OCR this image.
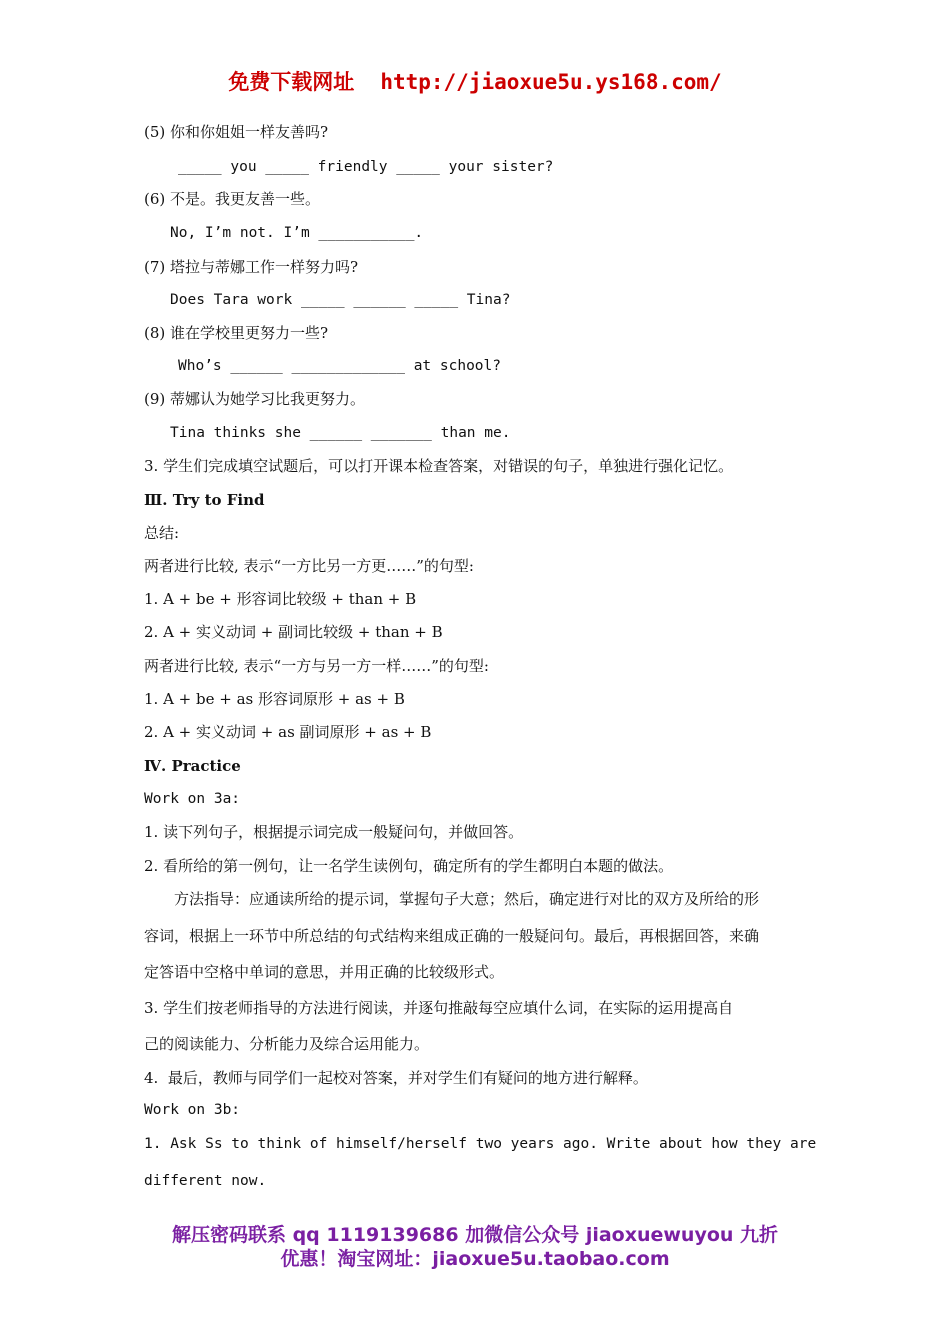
免费下载网址 http://jiaoxue5u.ys168.com/
(5) 你和你姐姐一样友善吗?
_____ you _____ friendly _____ your sister?
(6) 不是。我更友善一些。
No, I’m not. I’m ___________.
(7) 塔拉与蒂娜工作一样努力吗?
Does Tara work _____ ______ _____ Tina?
(8) 谁在学校里更努力一些?
Who’s ______ _____________ at school?
(9) 蒂娜认为她学习比我更努力。
Tina thinks she ______ _______ than me.
3. 学生们完成填空试题后，可以打开课本检查答案，对错误的句子，单独进行强化记忆。
Ⅲ. Try to Find
总结:
两者进行比较, 表示“一方比另一方更……”的句型:
1. A + be + 形容词比较级 + than + B
2. A + 实义动词 + 副词比较级 + than + B
两者进行比较, 表示“一方与另一方一样……”的句型:
1. A + be + as 形容词原形 + as + B
2. A + 实义动词 + as 副词原形 + as + B
Ⅳ. Practice
Work on 3a:
1. 读下列句子，根据提示词完成一般疑问句，并做回答。
2. 看所给的第一例句，让一名学生读例句，确定所有的学生都明白本题的做法。
方法指导：应通读所给的提示词，掌握句子大意；然后，确定进行对比的双方及所给的形
容词，根据上一环节中所总结的句式结构来组成正确的一般疑问句。最后，再根据回答，来确
定答语中空格中单词的意思，并用正确的比较级形式。
3. 学生们按老师指导的方法进行阅读，并逐句推敲每空应填什么词，在实际的运用提高自
己的阅读能力、分析能力及综合运用能力。
4.  最后，教师与同学们一起校对答案，并对学生们有疑问的地方进行解释。
Work on 3b:
1. Ask Ss to think of himself/herself two years ago. Write about how they are
different now.
解压密码联系 qq 1119139686 加微信公众号 jiaoxuewuyou 九折
优惠！淘宝网址：jiaoxue5u.taobao.com
